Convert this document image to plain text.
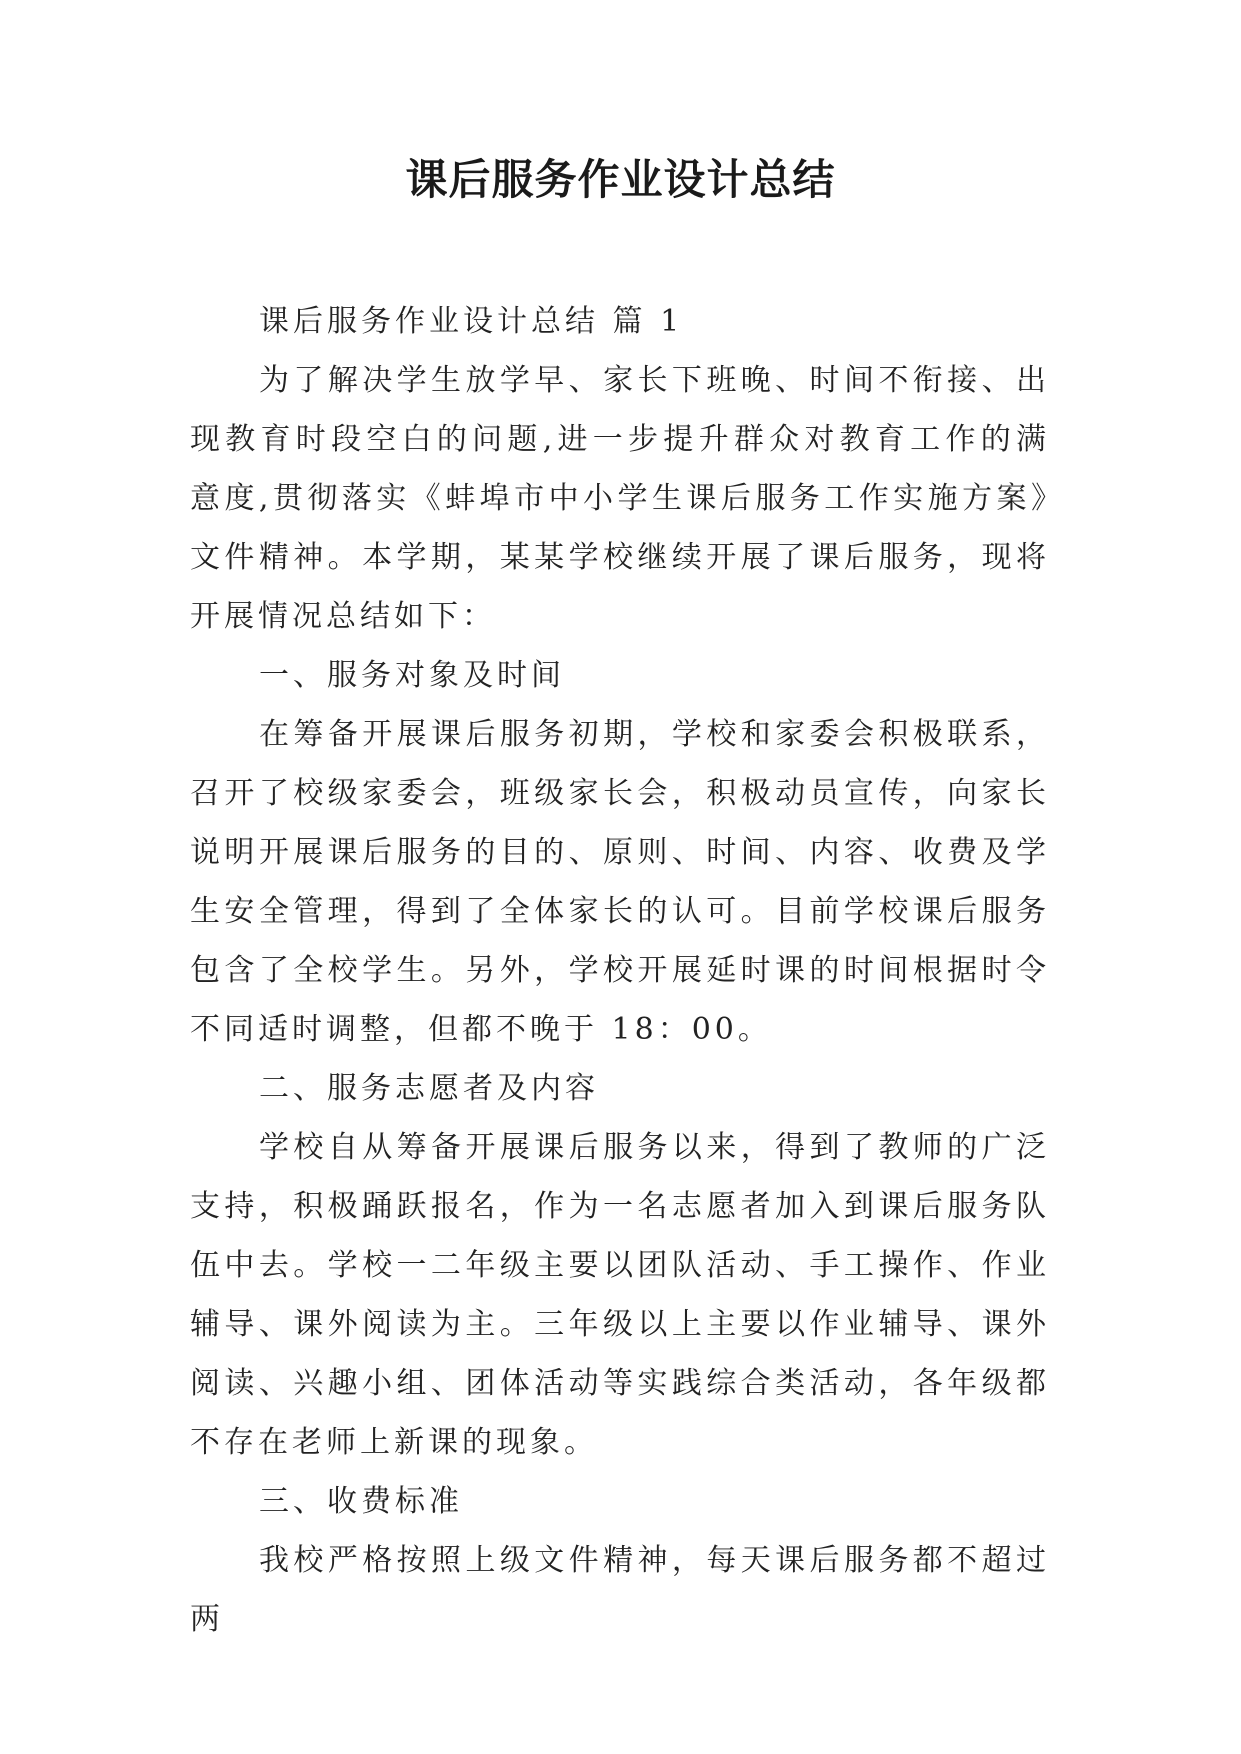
课后服务作业设计总结

课后服务作业设计总结 篇 1

为了解决学生放学早、家长下班晚、时间不衔接、出现教育时段空白的问题,进一步提升群众对教育工作的满意度,贯彻落实《蚌埠市中小学生课后服务工作实施方案》文件精神。本学期，某某学校继续开展了课后服务，现将开展情况总结如下：

一、服务对象及时间

在筹备开展课后服务初期，学校和家委会积极联系，召开了校级家委会，班级家长会，积极动员宣传，向家长说明开展课后服务的目的、原则、时间、内容、收费及学生安全管理，得到了全体家长的认可。目前学校课后服务包含了全校学生。另外，学校开展延时课的时间根据时令不同适时调整，但都不晚于 18：00。

二、服务志愿者及内容

学校自从筹备开展课后服务以来，得到了教师的广泛支持，积极踊跃报名，作为一名志愿者加入到课后服务队伍中去。学校一二年级主要以团队活动、手工操作、作业辅导、课外阅读为主。三年级以上主要以作业辅导、课外阅读、兴趣小组、团体活动等实践综合类活动，各年级都不存在老师上新课的现象。

三、收费标准

我校严格按照上级文件精神，每天课后服务都不超过两
